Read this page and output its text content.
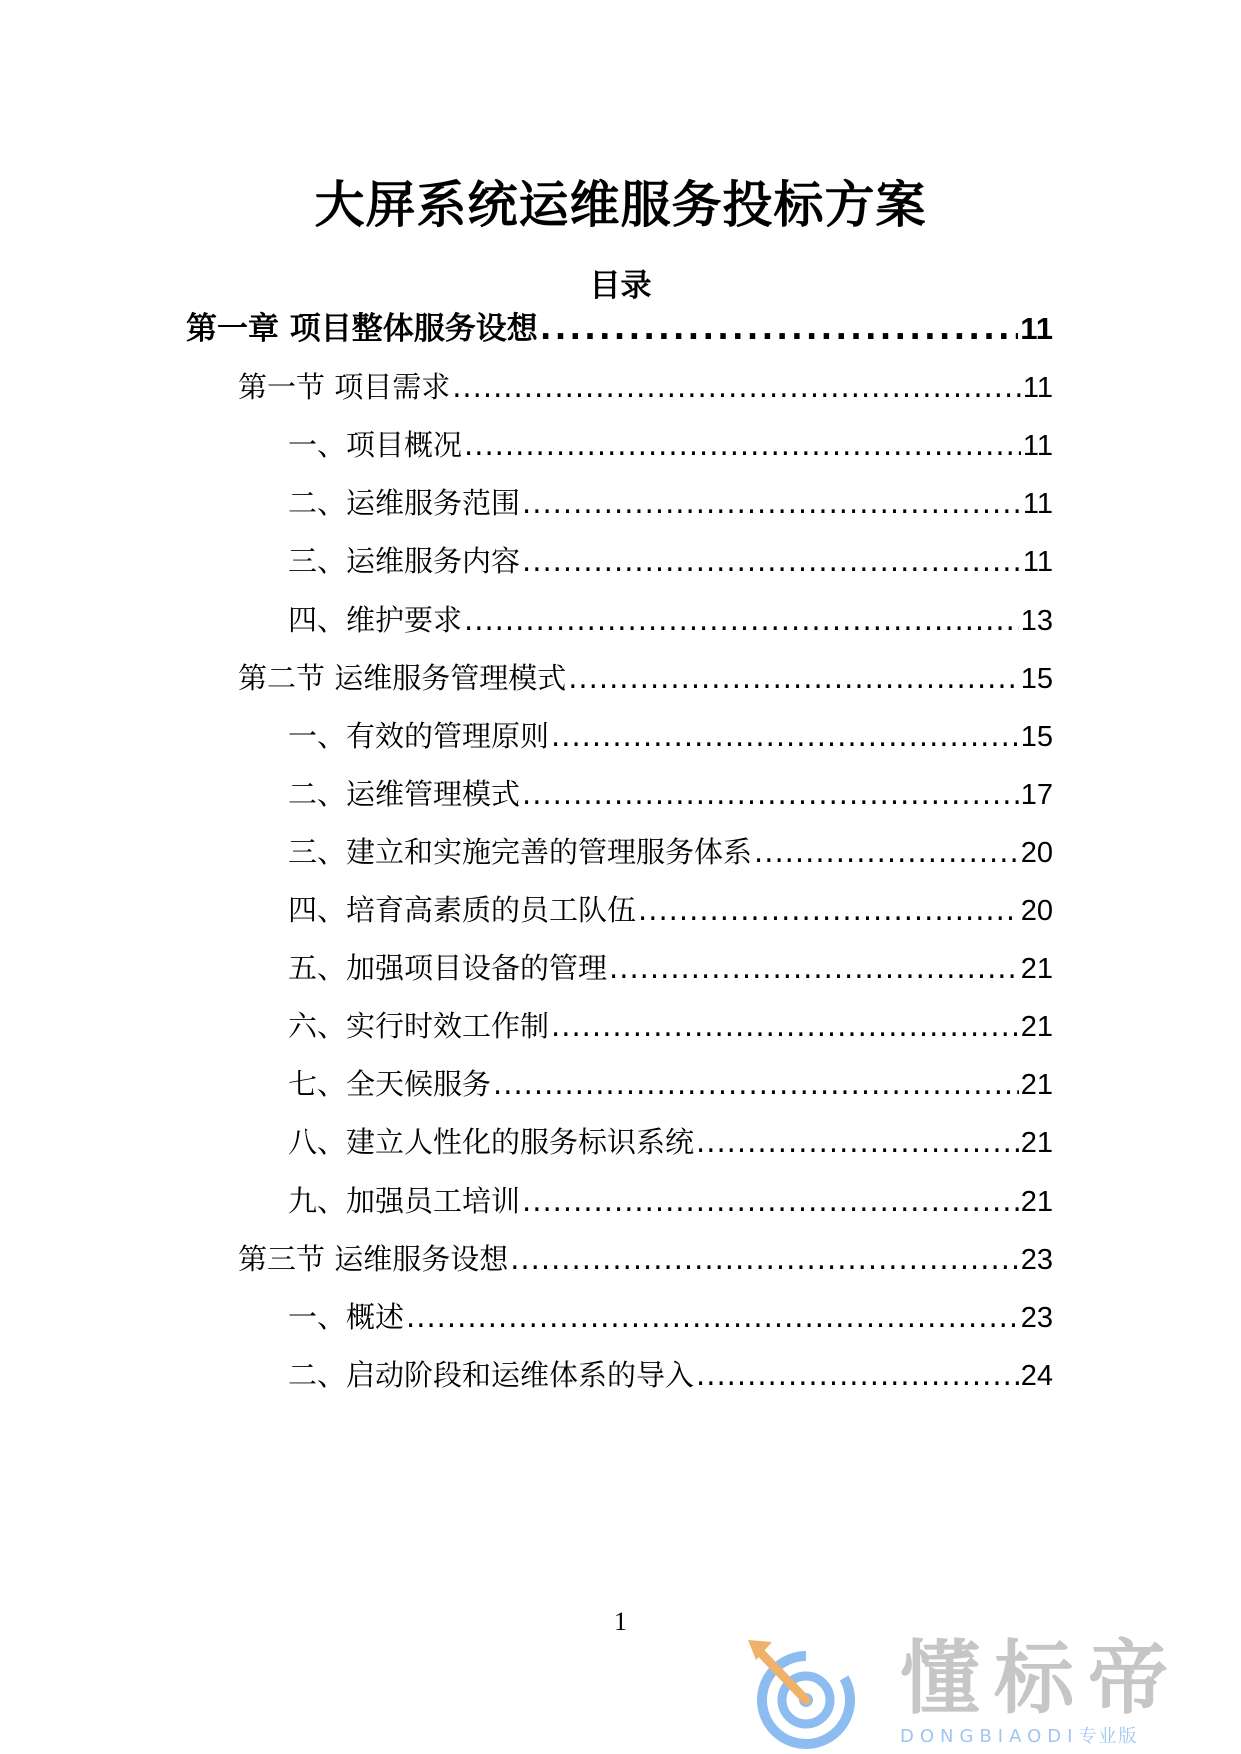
大屏系统运维服务投标方案
目录
第一章 项目整体服务设想 .....	11
第一节 项目需求 .....	11
一、项目概况 .....	11
二、运维服务范围 .....	11
三、运维服务内容 .....	11
四、维护要求 .....	13
第二节 运维服务管理模式 .....	15
一、有效的管理原则 .....	15
二、运维管理模式 .....	17
三、建立和实施完善的管理服务体系 .....	20
四、培育高素质的员工队伍 .....	20
五、加强项目设备的管理 .....	21
六、实行时效工作制 .....	21
七、全天候服务 .....	21
八、建立人性化的服务标识系统 .....	21
九、加强员工培训 .....	21
第三节 运维服务设想 .....	23
一、概述 .....	23
二、启动阶段和运维体系的导入 .....	24
1
懂标帝
DONGBIAODI专业版
